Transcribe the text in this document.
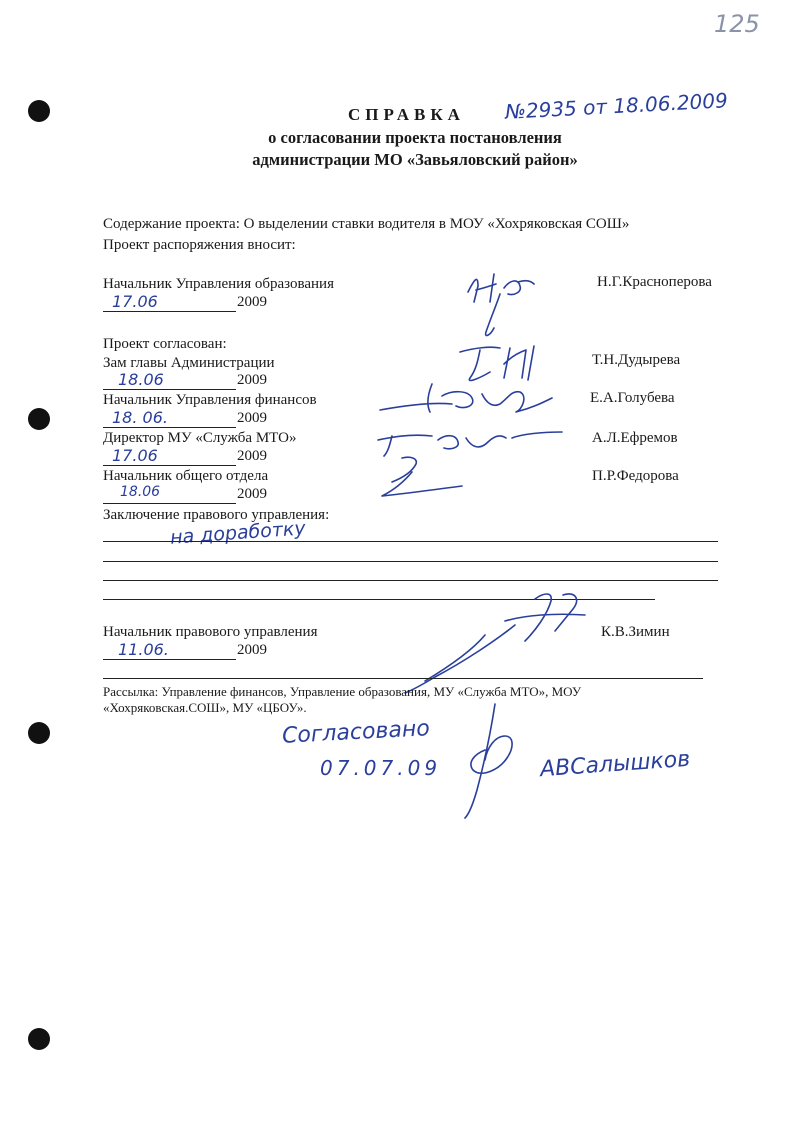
125
СПРАВКА №2935 от 18.06.2009
о согласовании проекта постановления
администрации МО «Завьяловский район»
Содержание проекта: О выделении ставки водителя в МОУ «Хохряковская СОШ»
Проект распоряжения вносит:
Начальник Управления образования
17.06	2009
Н.Г.Красноперова
Проект согласован:
Зам главы Администрации
18.06	2009
Т.Н.Дудырева
Начальник Управления финансов
18. 06.	2009
Е.А.Голубева
Директор МУ «Служба МТО»
17.06	2009
А.Л.Ефремов
Начальник общего отдела
18.06	2009
П.Р.Федорова
Заключение правового управления:
на доработку
Начальник правового управления
11.06.	2009
К.В.Зимин
Рассылка: Управление финансов, Управление образования, МУ «Служба МТО», МОУ
«Хохряковская.СОШ», МУ «ЦБОУ».
Согласовано
07.07.09	АВСалышков
